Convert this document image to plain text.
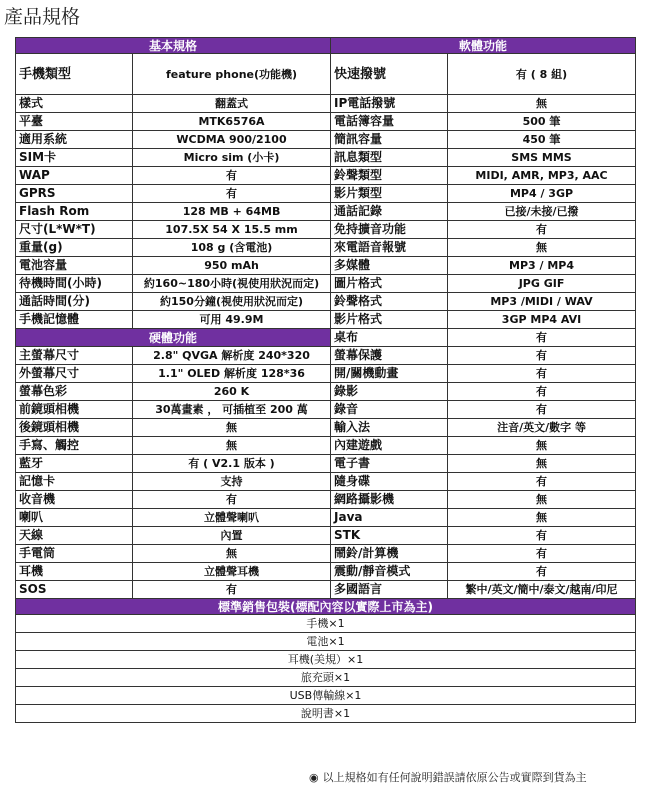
產品規格
基本規格		軟體功能	
手機類型	feature phone(功能機)	快速撥號	有 ( 8 組)
樣式	翻蓋式	IP電話撥號	無
平臺	MTK6576A	電話簿容量	500 筆
適用系統	WCDMA 900/2100	簡訊容量	450 筆
SIM卡	Micro sim (小卡)	訊息類型	SMS MMS
WAP	有	鈴聲類型	MIDI, AMR, MP3, AAC
GPRS	有	影片類型	MP4 / 3GP
Flash Rom	128 MB + 64MB	通話記錄	已接/未接/已撥
尺寸(L*W*T)	107.5X 54 X 15.5 mm	免持擴音功能	有
重量(g)	108 g (含電池)	來電語音報號	無
電池容量	950 mAh	多媒體	MP3 / MP4
待機時間(小時)	約160~180小時(視使用狀況而定)	圖片格式	JPG GIF
通話時間(分)	約150分鐘(視使用狀況而定)	鈴聲格式	MP3 /MIDI / WAV
手機記憶體	可用 49.9M	影片格式	3GP MP4 AVI
硬體功能		桌布	有
主螢幕尺寸	2.8" QVGA 解析度 240*320	螢幕保護	有
外螢幕尺寸	1.1" OLED 解析度 128*36	開/關機動畫	有
螢幕色彩	260 K	錄影	有
前鏡頭相機	30萬畫素 ， 可插植至 200 萬	錄音	有
後鏡頭相機	無	輸入法	注音/英文/數字 等
手寫、觸控	無	內建遊戲	無
藍牙	有 ( V2.1 版本 )	電子書	無
記憶卡	支持	隨身碟	有
收音機	有	網路攝影機	無
喇叭	立體聲喇叭	Java	無
天線	內置	STK	有
手電筒	無	鬧鈴/計算機	有
耳機	立體聲耳機	震動/靜音模式	有
SOS	有	多國語言	繁中/英文/簡中/泰文/越南/印尼
標準銷售包裝(標配內容以實際上市為主)			
手機×1			
電池×1			
耳機(美規）×1			
旅充頭×1			
USB傳輸線×1			
說明書×1			
◉ 以上規格如有任何說明錯誤請依原公告或實際到貨為主
